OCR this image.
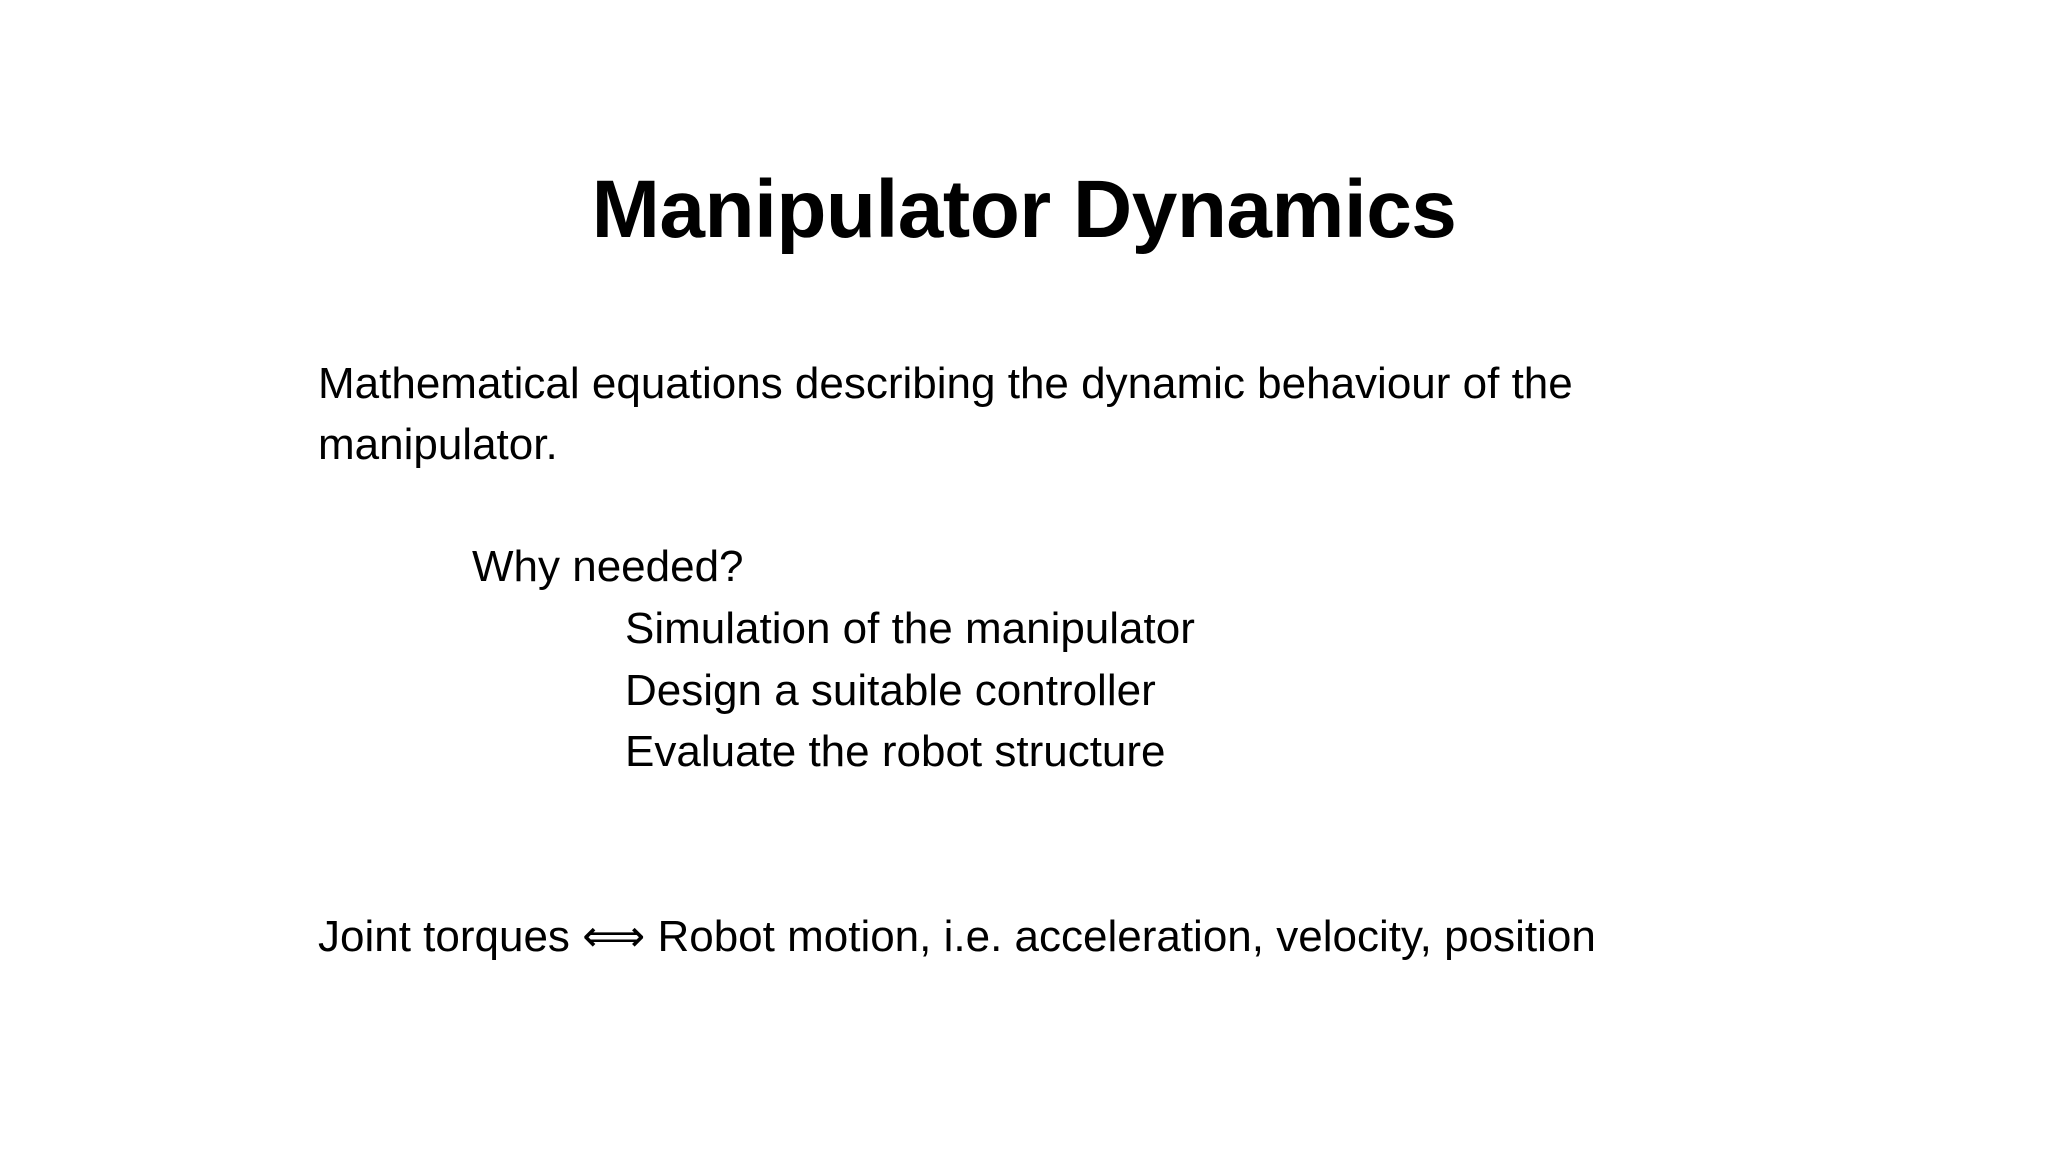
Manipulator Dynamics
Mathematical equations describing the dynamic behaviour of the manipulator.
Why needed?
Simulation of the manipulator
Design a suitable controller
Evaluate the robot structure
Joint torques ⟺ Robot motion, i.e. acceleration, velocity, position
